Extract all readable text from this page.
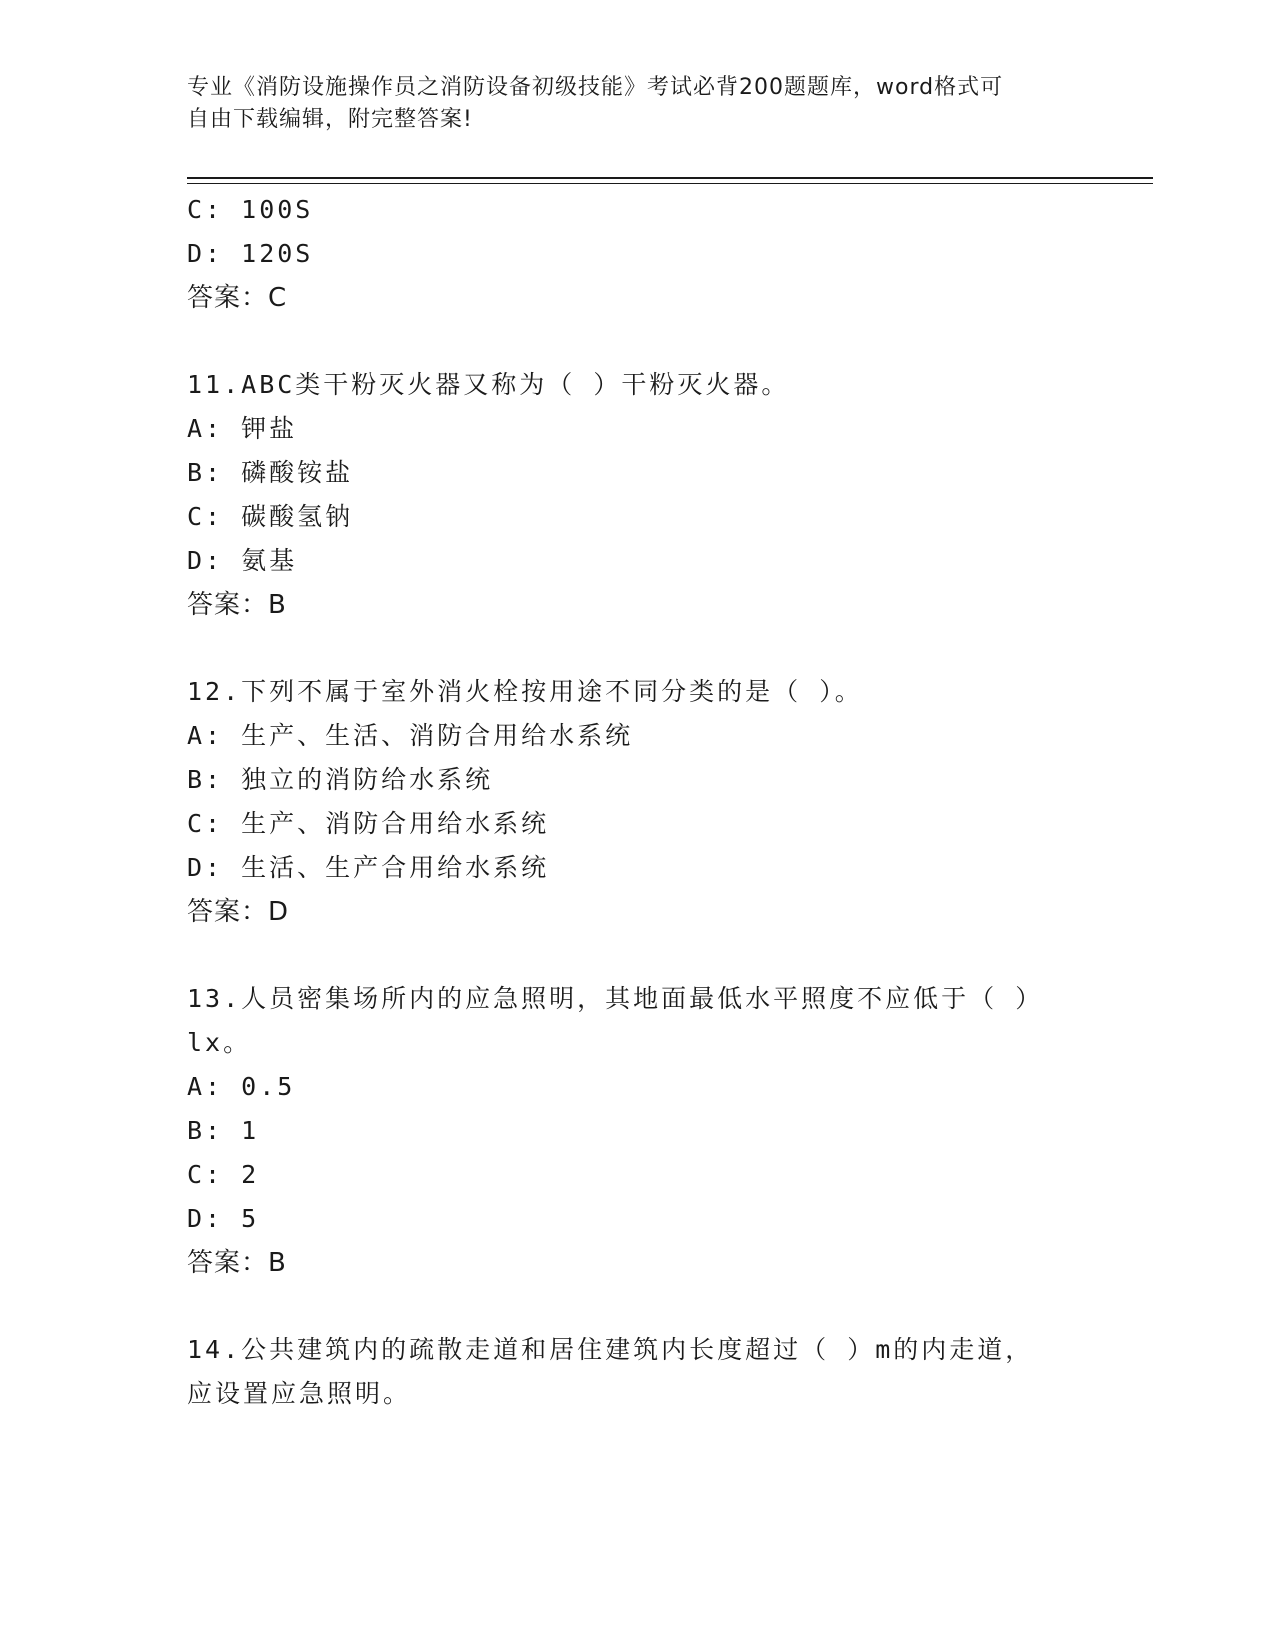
专业《消防设施操作员之消防设备初级技能》考试必背200题题库，word格式可
自由下载编辑，附完整答案!
C: 100S
D: 120S
答案：C
11.ABC类干粉灭火器又称为（ ）干粉灭火器。
A: 钾盐
B: 磷酸铵盐
C: 碳酸氢钠
D: 氨基
答案：B
12.下列不属于室外消火栓按用途不同分类的是（ ）。
A: 生产、生活、消防合用给水系统
B: 独立的消防给水系统
C: 生产、消防合用给水系统
D: 生活、生产合用给水系统
答案：D
13.人员密集场所内的应急照明，其地面最低水平照度不应低于（ ）
lx。
A: 0.5
B: 1
C: 2
D: 5
答案：B
14.公共建筑内的疏散走道和居住建筑内长度超过（ ）m的内走道，
应设置应急照明。
